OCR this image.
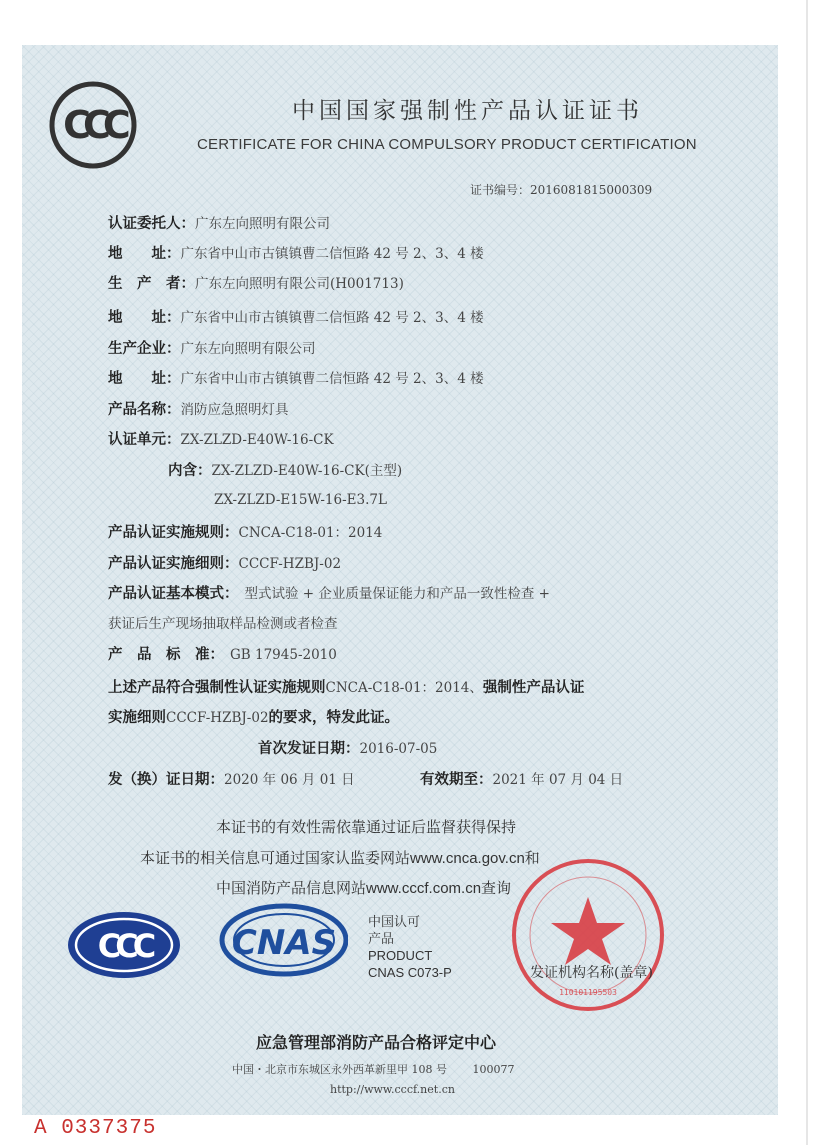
CCC	中国国家强制性产品认证证书
CERTIFICATE FOR CHINA COMPULSORY PRODUCT CERTIFICATION
证书编号：2016081815000309
认证委托人：广东左向照明有限公司
地　　址：广东省中山市古镇镇曹二信恒路 42 号 2、3、4 楼
生　产　者：广东左向照明有限公司(H001713)
地　　址：广东省中山市古镇镇曹二信恒路 42 号 2、3、4 楼
生产企业：广东左向照明有限公司
地　　址：广东省中山市古镇镇曹二信恒路 42 号 2、3、4 楼
产品名称：消防应急照明灯具
认证单元：ZX-ZLZD-E40W-16-CK
内含：ZX-ZLZD-E40W-16-CK(主型)
ZX-ZLZD-E15W-16-E3.7L
产品认证实施规则：CNCA-C18-01：2014
产品认证实施细则：CCCF-HZBJ-02
产品认证基本模式： 型式试验 + 企业质量保证能力和产品一致性检查 +
获证后生产现场抽取样品检测或者检查
产　品　标　准： GB 17945-2010
上述产品符合强制性认证实施规则CNCA-C18-01：2014、强制性产品认证
实施细则CCCF-HZBJ-02的要求，特发此证。
首次发证日期：2016-07-05
发（换）证日期：2020 年 06 月 01 日	有效期至：2021 年 07 月 04 日
本证书的有效性需依靠通过证后监督获得保持
本证书的相关信息可通过国家认监委网站www.cnca.gov.cn和
中国消防产品信息网站www.cccf.com.cn查询
CCC CNAS
中国认可
产品
PRODUCT
CNAS C073-P
110101195503
发证机构名称(盖章)
应急管理部消防产品合格评定中心
中国・北京市东城区永外西革新里甲 108 号　　 100077
http://www.cccf.net.cn
A 0337375
